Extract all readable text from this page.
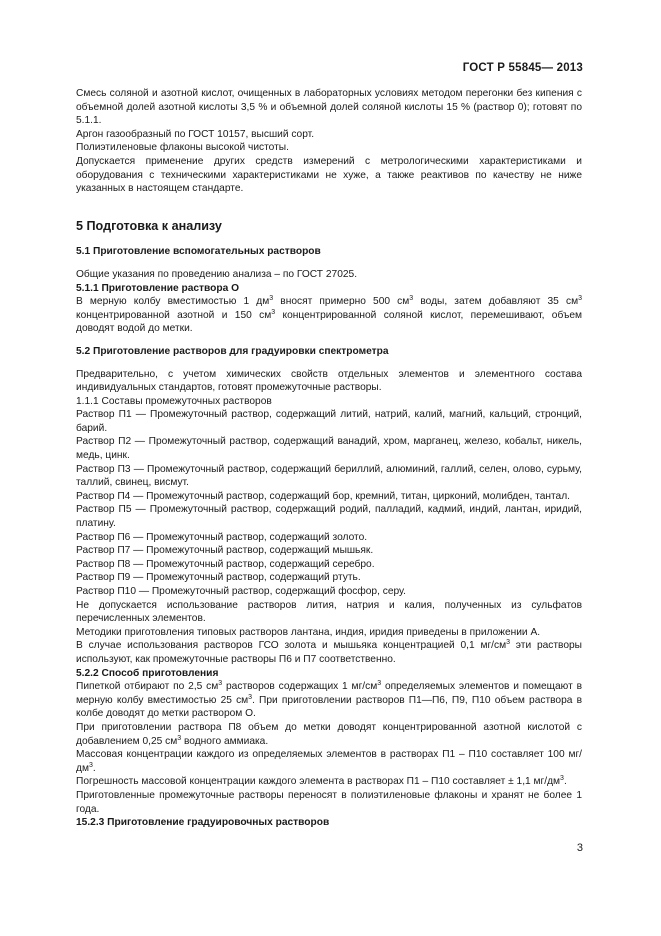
ГОСТ Р 55845— 2013

Смесь соляной и азотной кислот, очищенных в лабораторных условиях методом перегонки без кипения с объемной долей азотной кислоты 3,5 % и объемной долей соляной кислоты 15 % (раствор 0); готовят по 5.1.1.

Аргон газообразный по ГОСТ 10157, высший сорт.

Полиэтиленовые флаконы высокой чистоты.

Допускается применение других средств измерений с метрологическими характеристиками и оборудования с техническими характеристиками не хуже, а также реактивов по качеству не ниже указанных в настоящем стандарте.

5 Подготовка к анализу
5.1 Приготовление вспомогательных растворов

Общие указания по проведению анализа – по ГОСТ 27025.

5.1.1 Приготовление раствора О

В мерную колбу вместимостью 1 $дм^3$ вносят примерно 500 $см^3$ воды, затем добавляют 35 $см^3$ концентрированной азотной и 150 $см^3$ концентрированной соляной кислот, перемешивают, объем доводят водой до метки.

5.2 Приготовление растворов для градуировки спектрометра

Предварительно, с учетом химических свойств отдельных элементов и элементного состава индивидуальных стандартов, готовят промежуточные растворы.

1.1.1 Составы промежуточных растворов

Раствор П1 — Промежуточный раствор, содержащий литий, натрий, калий, магний, кальций, стронций, барий.

Раствор П2 — Промежуточный раствор, содержащий ванадий, хром, марганец, железо, кобальт, никель, медь, цинк.

Раствор П3 — Промежуточный раствор, содержащий бериллий, алюминий, галлий, селен, олово, сурьму, таллий, свинец, висмут.

Раствор П4 — Промежуточный раствор, содержащий бор, кремний, титан, цирконий, молибден, тантал.

Раствор П5 — Промежуточный раствор, содержащий родий, палладий, кадмий, индий, лантан, иридий, платину.

Раствор П6 — Промежуточный раствор, содержащий золото.

Раствор П7 — Промежуточный раствор, содержащий мышьяк.

Раствор П8 — Промежуточный раствор, содержащий серебро.

Раствор П9 — Промежуточный раствор, содержащий ртуть.

Раствор П10 — Промежуточный раствор, содержащий фосфор, серу.

Не допускается использование растворов лития, натрия и калия, полученных из сульфатов перечисленных элементов.

Методики приготовления типовых растворов лантана, индия, иридия приведены в приложении А.

В случае использования растворов ГСО золота и мышьяка концентрацией 0,1 $мг/см^3$ эти растворы используют, как промежуточные растворы П6 и П7 соответственно.

5.2.2 Способ приготовления

Пипеткой отбирают по 2,5 $см^3$ растворов содержащих 1 $мг/см^3$ определяемых элементов и помещают в мерную колбу вместимостью 25 $см^3$. При приготовлении растворов П1—П6, П9, П10 объем раствора в колбе доводят до метки раствором О.

При приготовлении раствора П8 объем до метки доводят концентрированной азотной кислотой с добавлением 0,25 $см^3$ водного аммиака.

Массовая концентрации каждого из определяемых элементов в растворах П1 – П10 составляет 100 $мг/дм^3$.

Погрешность массовой концентрации каждого элемента в растворах П1 – П10 составляет ± 1,1 $мг/дм^3$.

Приготовленные промежуточные растворы переносят в полиэтиленовые флаконы и хранят не более 1 года.

15.2.3 Приготовление градуировочных растворов
3
